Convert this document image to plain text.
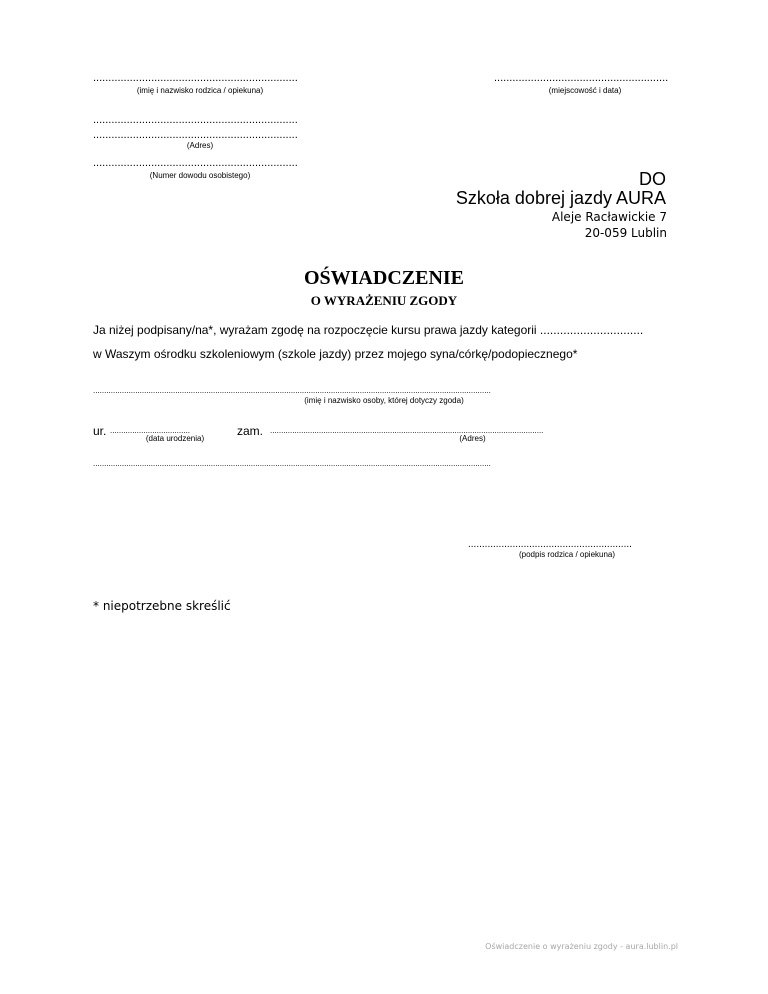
...................................................................
(imię i nazwisko rodzica / opiekuna)
.........................................................
(miejscowość i data)
...................................................................
...................................................................
(Adres)
...................................................................
(Numer dowodu osobistego)	DO
Szkoła dobrej jazdy AURA
Aleje Racławickie 7
20-059 Lublin
OŚWIADCZENIE
O WYRAŻENIU ZGODY
Ja niżej podpisany/na*, wyrażam zgodę na rozpoczęcie kursu prawa jazdy kategorii ...............................
w Waszym ośrodku szkoleniowym (szkole jazdy) przez mojego syna/córkę/podopiecznego*
...................................................................................................................................................................................
(imię i nazwisko osoby, której dotyczy zgoda)
ur. ....................................
(data urodzenia)
zam. ...........................................................................................................................
(Adres)
...................................................................................................................................................................................
...........................................................
(podpis rodzica / opiekuna)
* niepotrzebne skreślić
Oświadczenie o wyrażeniu zgody - aura.lublin.pl
